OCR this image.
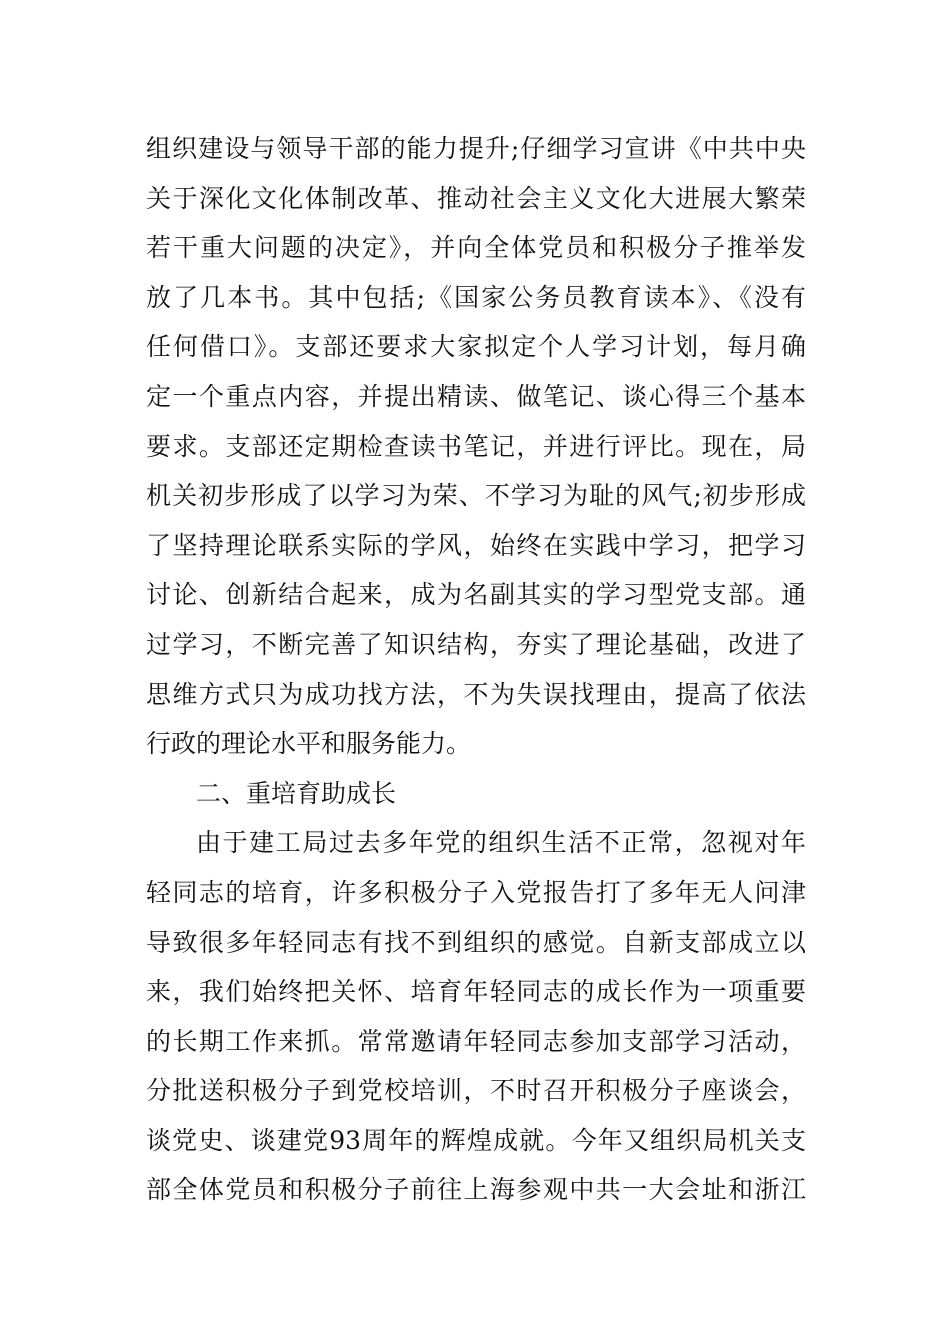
组织建设与领导干部的能力提升;仔细学习宣讲《中共中央
关于深化文化体制改革、推动社会主义文化大进展大繁荣
若干重大问题的决定》，并向全体党员和积极分子推举发
放了几本书。其中包括;《国家公务员教育读本》、《没有
任何借口》。支部还要求大家拟定个人学习计划，每月确
定一个重点内容，并提出精读、做笔记、谈心得三个基本
要求。支部还定期检查读书笔记，并进行评比。现在，局
机关初步形成了以学习为荣、不学习为耻的风气;初步形成
了坚持理论联系实际的学风，始终在实践中学习，把学习
讨论、创新结合起来，成为名副其实的学习型党支部。通
过学习，不断完善了知识结构，夯实了理论基础，改进了
思维方式只为成功找方法，不为失误找理由，提高了依法
行政的理论水平和服务能力。
二、重培育助成长
由于建工局过去多年党的组织生活不正常，忽视对年
轻同志的培育，许多积极分子入党报告打了多年无人问津
导致很多年轻同志有找不到组织的感觉。自新支部成立以
来，我们始终把关怀、培育年轻同志的成长作为一项重要
的长期工作来抓。常常邀请年轻同志参加支部学习活动，
分批送积极分子到党校培训，不时召开积极分子座谈会，
谈党史、谈建党93周年的辉煌成就。今年又组织局机关支
部全体党员和积极分子前往上海参观中共一大会址和浙江
